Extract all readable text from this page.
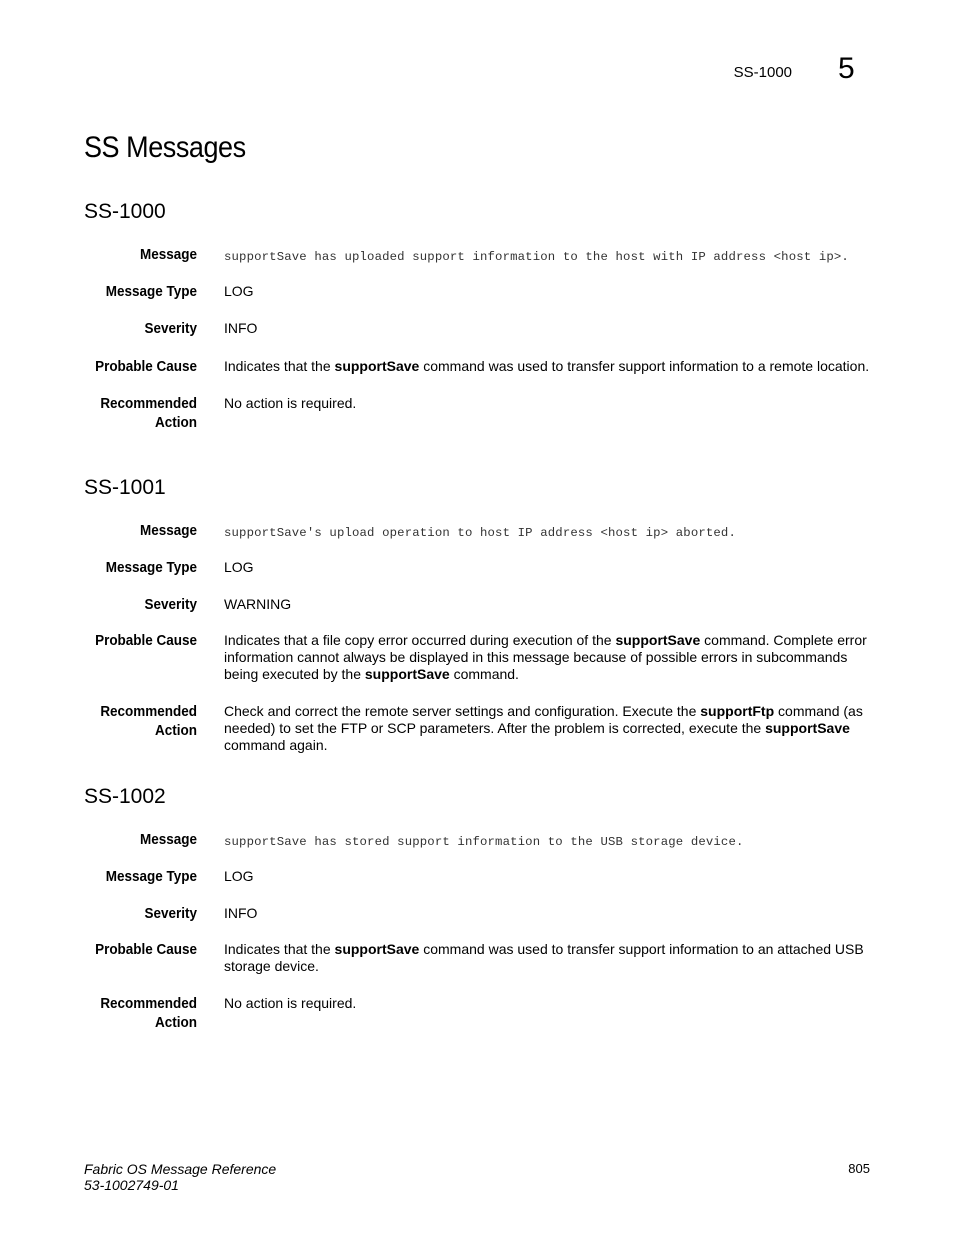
SS-1000 5
SS Messages
SS-1000
Message supportSave has uploaded support information to the host with IP address <host ip>.
Message Type LOG
Severity INFO
Probable Cause Indicates that the supportSave command was used to transfer support information to a remote location.
Recommended
Action
No action is required.
SS-1001
Message supportSave's upload operation to host IP address <host ip> aborted.
Message Type LOG
Severity WARNING
Probable Cause Indicates that a file copy error occurred during execution of the supportSave command. Complete error information cannot always be displayed in this message because of possible errors in subcommands being executed by the supportSave command.
Recommended
Action
Check and correct the remote server settings and configuration. Execute the supportFtp command (as needed) to set the FTP or SCP parameters. After the problem is corrected, execute the supportSave command again.
SS-1002
Message supportSave has stored support information to the USB storage device.
Message Type LOG
Severity INFO
Probable Cause Indicates that the supportSave command was used to transfer support information to an attached USB storage device.
Recommended
Action
No action is required.
Fabric OS Message Reference
53-1002749-01
805
